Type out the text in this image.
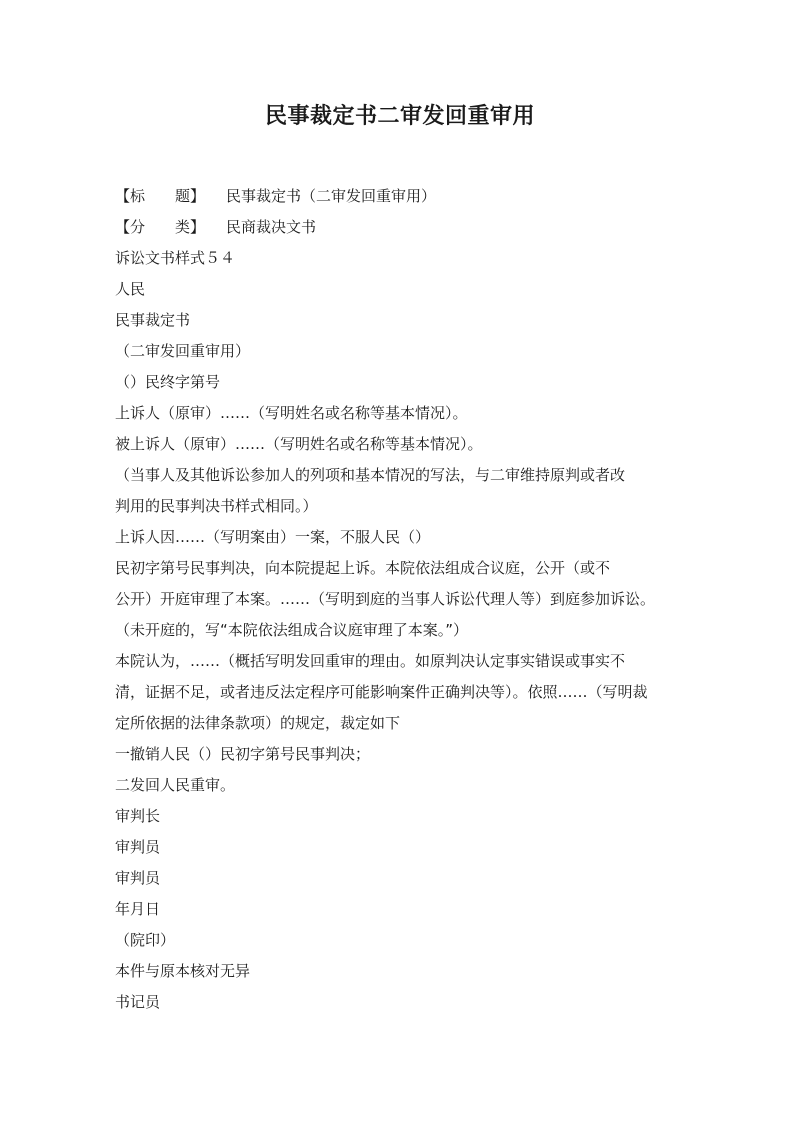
民事裁定书二审发回重审用
【标　　题】	民事裁定书（二审发回重审用）
【分　　类】	民商裁决文书

诉讼文书样式５４

人民

民事裁定书

（二审发回重审用）

（）民终字第号

上诉人（原审）……（写明姓名或名称等基本情况）。

被上诉人（原审）……（写明姓名或名称等基本情况）。

（当事人及其他诉讼参加人的列项和基本情况的写法，与二审维持原判或者改

判用的民事判决书样式相同。）

上诉人因……（写明案由）一案，不服人民（）

民初字第号民事判决，向本院提起上诉。本院依法组成合议庭，公开（或不

公开）开庭审理了本案。……（写明到庭的当事人诉讼代理人等）到庭参加诉讼。

（未开庭的，写“本院依法组成合议庭审理了本案。”）

本院认为，……（概括写明发回重审的理由。如原判决认定事实错误或事实不

清，证据不足，或者违反法定程序可能影响案件正确判决等）。依照……（写明裁

定所依据的法律条款项）的规定，裁定如下

一撤销人民（）民初字第号民事判决；

二发回人民重审。

审判长

审判员

审判员

年月日

（院印）

本件与原本核对无异

书记员
